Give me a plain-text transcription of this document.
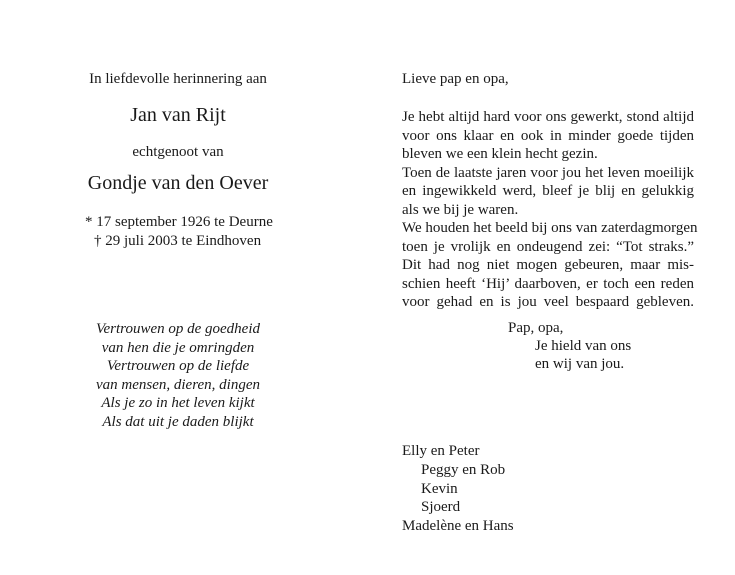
In liefdevolle herinnering aan
Jan van Rijt
echtgenoot van
Gondje van den Oever
* 17 september 1926 te Deurne
† 29 juli 2003 te Eindhoven
Vertrouwen op de goedheid
van hen die je omringden
Vertrouwen op de liefde
van mensen, dieren, dingen
Als je zo in het leven kijkt
Als dat uit je daden blijkt
Lieve pap en opa,
Je hebt altijd hard voor ons gewerkt, stond altijd
voor ons klaar en ook in minder goede tijden
bleven we een klein hecht gezin.
Toen de laatste jaren voor jou het leven moeilijk
en ingewikkeld werd, bleef je blij en gelukkig
als we bij je waren.
We houden het beeld bij ons van zaterdagmorgen
toen je vrolijk en ondeugend zei: “Tot straks.”
Dit had nog niet mogen gebeuren, maar mis-
schien heeft ‘Hij’ daarboven, er toch een reden
voor gehad en is jou veel bespaard gebleven.
Pap, opa,
Je hield van ons
en wij van jou.
Elly en Peter
Peggy en Rob
Kevin
Sjoerd
Madelène en Hans
